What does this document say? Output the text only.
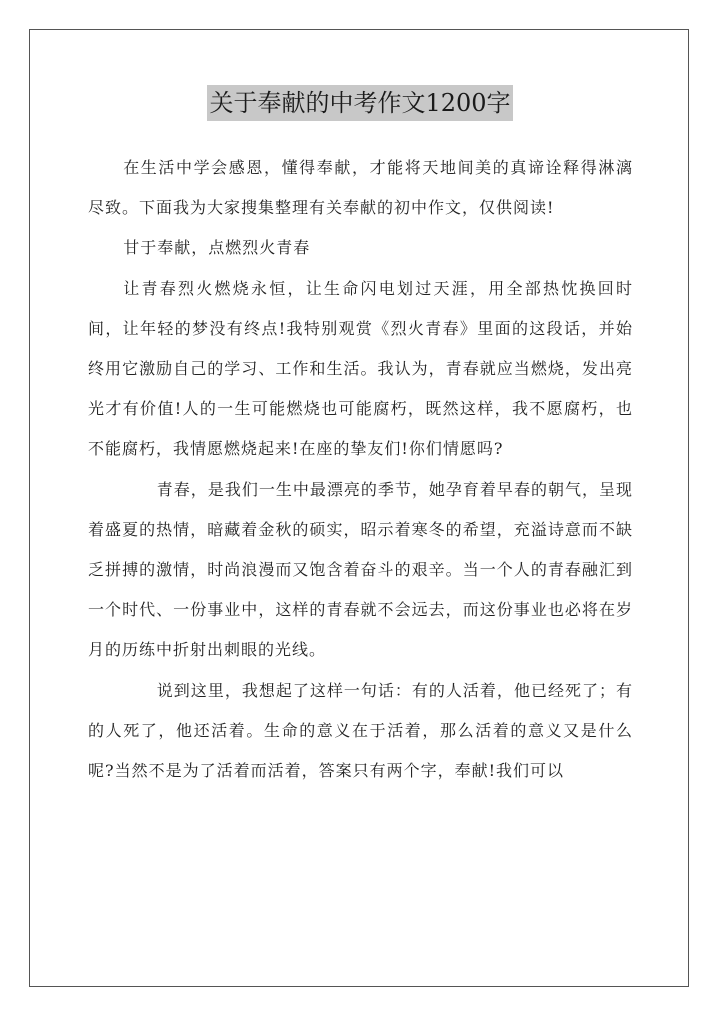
关于奉献的中考作文1200字

在生活中学会感恩，懂得奉献，才能将天地间美的真谛诠释得淋漓尽致。下面我为大家搜集整理有关奉献的初中作文，仅供阅读!

甘于奉献，点燃烈火青春

让青春烈火燃烧永恒，让生命闪电划过天涯，用全部热忱换回时间，让年轻的梦没有终点!我特别观赏《烈火青春》里面的这段话，并始终用它激励自己的学习、工作和生活。我认为，青春就应当燃烧，发出亮光才有价值!人的一生可能燃烧也可能腐朽，既然这样，我不愿腐朽，也不能腐朽，我情愿燃烧起来!在座的挚友们!你们情愿吗?

青春，是我们一生中最漂亮的季节，她孕育着早春的朝气，呈现着盛夏的热情，暗藏着金秋的硕实，昭示着寒冬的希望，充溢诗意而不缺乏拼搏的激情，时尚浪漫而又饱含着奋斗的艰辛。当一个人的青春融汇到一个时代、一份事业中，这样的青春就不会远去，而这份事业也必将在岁月的历练中折射出刺眼的光线。

说到这里，我想起了这样一句话：有的人活着，他已经死了；有的人死了，他还活着。生命的意义在于活着，那么活着的意义又是什么呢?当然不是为了活着而活着，答案只有两个字，奉献!我们可以
